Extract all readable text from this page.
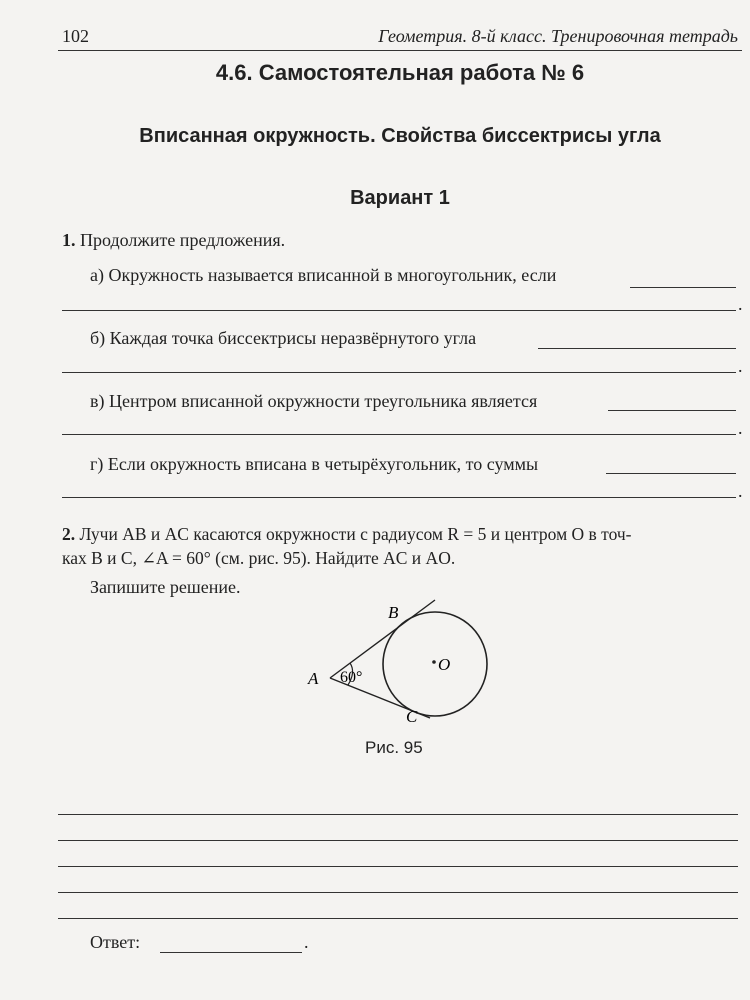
102	Геометрия. 8-й класс. Тренировочная тетрадь
4.6. Самостоятельная работа № 6
Вписанная окружность. Свойства биссектрисы угла
Вариант 1
1. Продолжите предложения.
а) Окружность называется вписанной в многоугольник, если
.
б) Каждая точка биссектрисы неразвёрнутого угла
.
в) Центром вписанной окружности треугольника является
.
г) Если окружность вписана в четырёхугольник, то суммы
.
2. Лучи AB и AC касаются окружности с радиусом R = 5 и центром O в точ-
ках B и C, ∠A = 60° (см. рис. 95). Найдите AC и AO.
Запишите решение.
A
B
C
O
60°
Рис. 95
Ответ:	.
